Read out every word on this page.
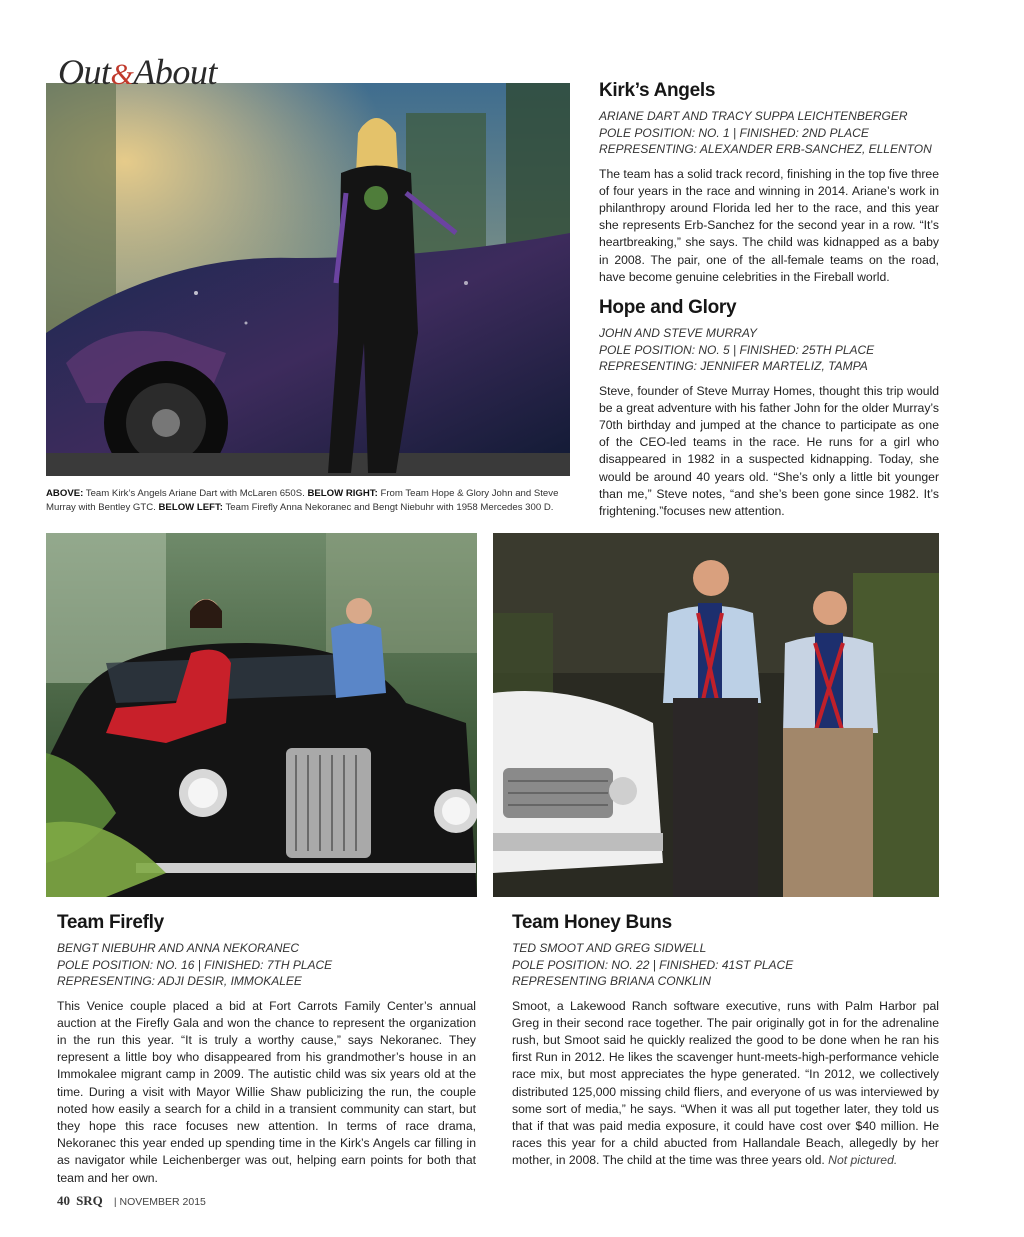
Out&About
ABOVE: Team Kirk’s Angels Ariane Dart with McLaren 650S. BELOW RIGHT: From Team Hope & Glory John and Steve Murray with Bentley GTC. BELOW LEFT: Team Firefly Anna Nekoranec and Bengt Niebuhr with 1958 Mercedes 300 D.
Kirk’s Angels
ARIANE DART AND TRACY SUPPA LEICHTENBERGER
POLE POSITION: NO. 1 | FINISHED: 2ND PLACE
REPRESENTING: ALEXANDER ERB-SANCHEZ, ELLENTON
The team has a solid track record, finishing in the top five three of four years in the race and winning in 2014. Ariane’s work in philanthropy around Florida led her to the race, and this year she represents Erb-Sanchez for the second year in a row. “It’s heartbreaking,” she says. The child was kidnapped as a baby in 2008. The pair, one of the all-female teams on the road, have become genuine celebrities in the Fireball world.
Hope and Glory
JOHN AND STEVE MURRAY
POLE POSITION: NO. 5 | FINISHED: 25TH PLACE
REPRESENTING: JENNIFER MARTELIZ, TAMPA
Steve, founder of Steve Murray Homes, thought this trip would be a great adventure with his father John for the older Murray’s 70th birthday and jumped at the chance to participate as one of the CEO-led teams in the race. He runs for a girl who disappeared in 1982 in a suspected kidnapping. Today, she would be around 40 years old. “She’s only a little bit younger than me,” Steve notes, “and she’s been gone since 1982. It’s frightening.”focuses new attention.
Team Firefly
BENGT NIEBUHR AND ANNA NEKORANEC
POLE POSITION: NO. 16 | FINISHED: 7TH PLACE
REPRESENTING: ADJI DESIR, IMMOKALEE
This Venice couple placed a bid at Fort Carrots Family Center’s annual auction at the Firefly Gala and won the chance to represent the organization in the run this year. “It is truly a worthy cause,” says Nekoranec. They represent a little boy who disappeared from his grandmother’s house in an Immokalee migrant camp in 2009. The autistic child was six years old at the time. During a visit with Mayor Willie Shaw publicizing the run, the couple noted how easily a search for a child in a transient community can start, but they hope this race focuses new attention. In terms of race drama, Nekoranec this year ended up spending time in the Kirk’s Angels car filling in as navigator while Leichenberger was out, helping earn points for both that team and her own.
Team Honey Buns
TED SMOOT AND GREG SIDWELL
POLE POSITION: NO. 22 | FINISHED: 41ST PLACE
REPRESENTING BRIANA CONKLIN
Smoot, a Lakewood Ranch software executive, runs with Palm Harbor pal Greg in their second race together. The pair originally got in for the adrenaline rush, but Smoot said he quickly realized the good to be done when he ran his first Run in 2012. He likes the scavenger hunt-meets-high-performance vehicle race mix, but most appreciates the hype generated. “In 2012, we collectively distributed 125,000 missing child fliers, and everyone of us was interviewed by some sort of media,” he says. “When it was all put together later, they told us that if that was paid media exposure, it could have cost over $40 million. He races this year for a child abucted from Hallandale Beach, allegedly by her mother, in 2008. The child at the time was three years old. Not pictured.
40 SRQ | NOVEMBER 2015
